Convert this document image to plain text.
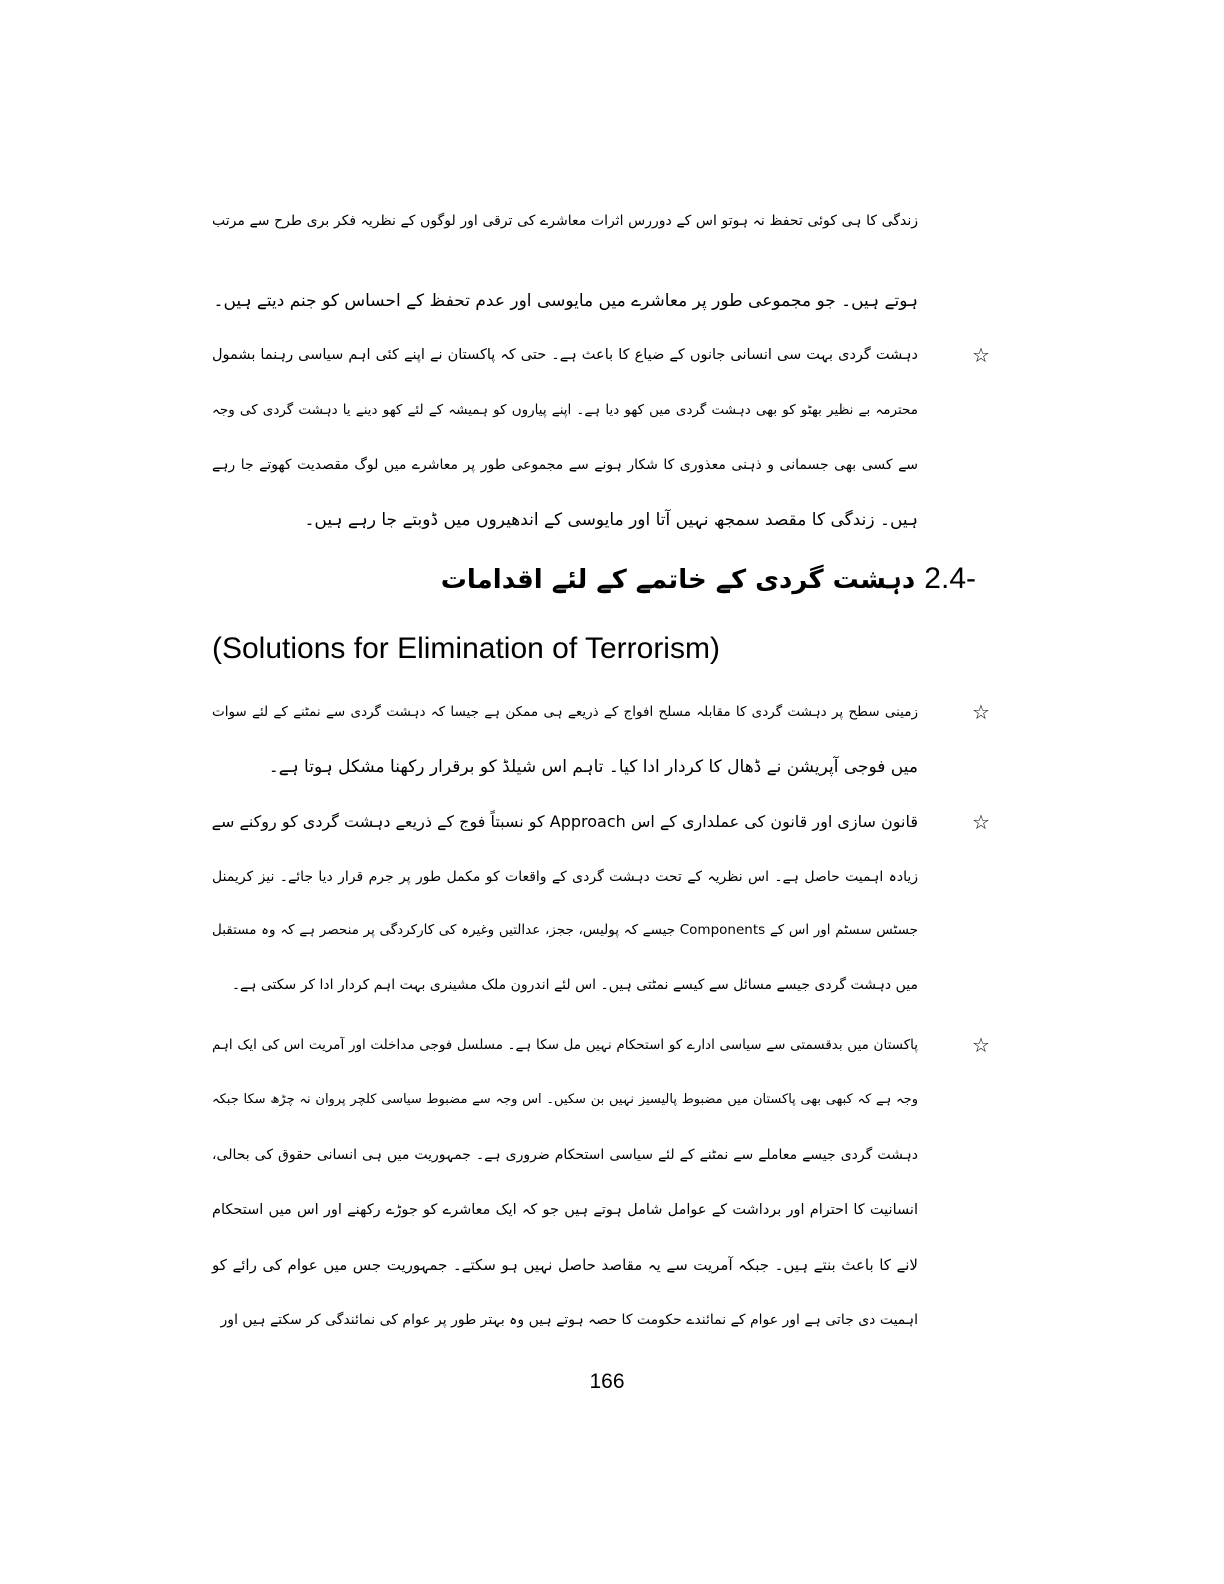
2.4- دہشت گردی کے خاتمے کے لئے اقدامات
(Solutions for Elimination of Terrorism)
166
زندگی کا ہی کوئی تحفظ نہ ہوتو اس کے دوررس اثرات معاشرے کی ترقی اور لوگوں کے نظریہ فکر بری طرح سے مرتب
ہوتے ہیں۔ جو مجموعی طور پر معاشرے میں مایوسی اور عدم تحفظ کے احساس کو جنم دیتے ہیں۔
☆
دہشت گردی بہت سی انسانی جانوں کے ضیاع کا باعث ہے۔ حتی کہ پاکستان نے اپنے کئی اہم سیاسی رہنما بشمول
محترمہ بے نظیر بھٹو کو بھی دہشت گردی میں کھو دیا ہے۔ اپنے پیاروں کو ہمیشہ کے لئے کھو دینے یا دہشت گردی کی وجہ
سے کسی بھی جسمانی و ذہنی معذوری کا شکار ہونے سے مجموعی طور پر معاشرے میں لوگ مقصدیت کھوتے جا رہے
ہیں۔ زندگی کا مقصد سمجھ نہیں آتا اور مایوسی کے اندھیروں میں ڈوبتے جا رہے ہیں۔
☆
زمینی سطح پر دہشت گردی کا مقابلہ مسلح افواج کے ذریعے ہی ممکن ہے جیسا کہ دہشت گردی سے نمٹنے کے لئے سوات
میں فوجی آپریشن نے ڈھال کا کردار ادا کیا۔ تاہم اس شیلڈ کو برقرار رکھنا مشکل ہوتا ہے۔
☆
قانون سازی اور قانون کی عملداری کے اس Approach کو نسبتاً فوج کے ذریعے دہشت گردی کو روکنے سے
زیادہ اہمیت حاصل ہے۔ اس نظریہ کے تحت دہشت گردی کے واقعات کو مکمل طور پر جرم قرار دیا جائے۔ نیز کریمنل
جسٹس سسٹم اور اس کے Components جیسے کہ پولیس، ججز، عدالتیں وغیرہ کی کارکردگی پر منحصر ہے کہ وہ مستقبل
میں دہشت گردی جیسے مسائل سے کیسے نمٹتی ہیں۔ اس لئے اندرون ملک مشینری بہت اہم کردار ادا کر سکتی ہے۔
☆
پاکستان میں بدقسمتی سے سیاسی ادارے کو استحکام نہیں مل سکا ہے۔ مسلسل فوجی مداخلت اور آمریت اس کی ایک اہم
وجہ ہے کہ کبھی بھی پاکستان میں مضبوط پالیسیز نہیں بن سکیں۔ اس وجہ سے مضبوط سیاسی کلچر پروان نہ چڑھ سکا جبکہ
دہشت گردی جیسے معاملے سے نمٹنے کے لئے سیاسی استحکام ضروری ہے۔ جمہوریت میں ہی انسانی حقوق کی بحالی،
انسانیت کا احترام اور برداشت کے عوامل شامل ہوتے ہیں جو کہ ایک معاشرے کو جوڑے رکھنے اور اس میں استحکام
لانے کا باعث بنتے ہیں۔ جبکہ آمریت سے یہ مقاصد حاصل نہیں ہو سکتے۔ جمہوریت جس میں عوام کی رائے کو
اہمیت دی جاتی ہے اور عوام کے نمائندے حکومت کا حصہ ہوتے ہیں وہ بہتر طور پر عوام کی نمائندگی کر سکتے ہیں اور
